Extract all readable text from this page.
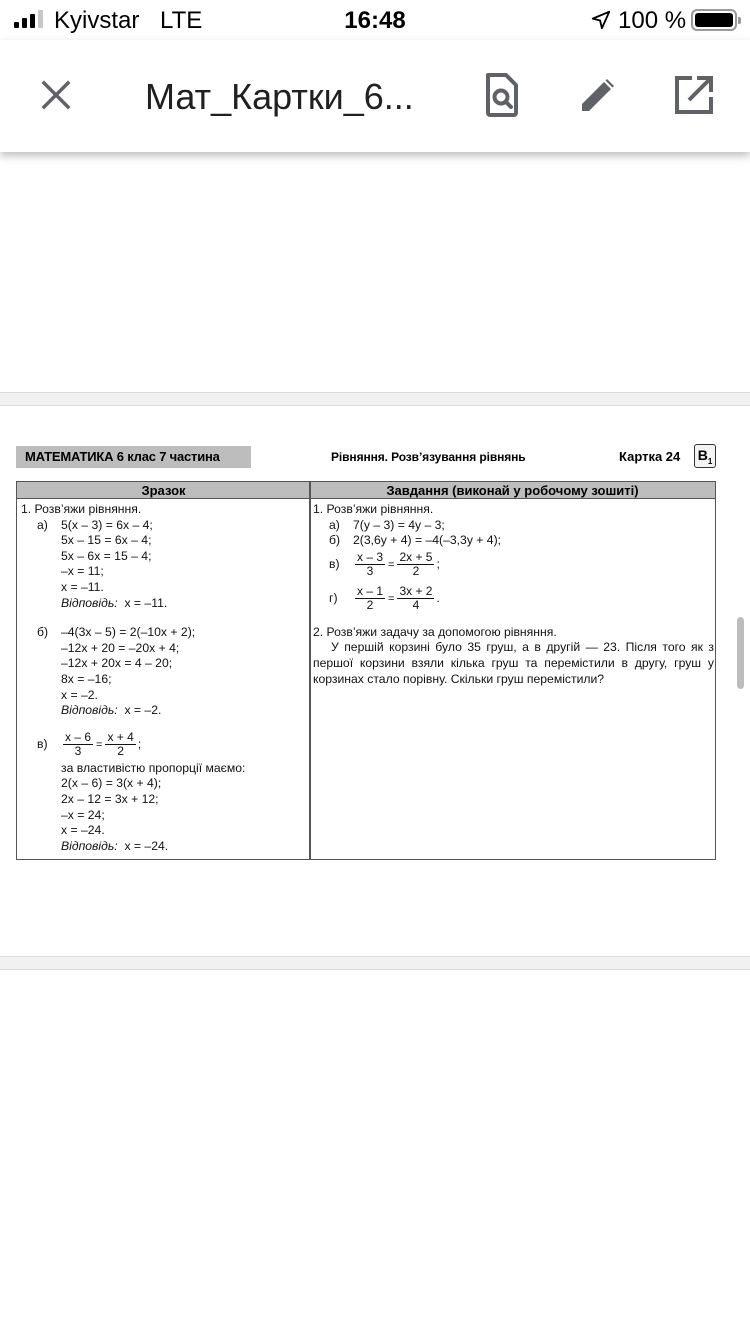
Kyivstar LTE	16:48	100 %
Мат_Картки_6...
МАТЕМАТИКА 6 клас 7 частина	Рівняння. Розв’язування рівнянь	Картка 24 $В_1$
Зразок	Завдання (виконай у робочому зошиті)
1. Розв’яжи рівняння.
а) 5(x – 3) = 6x – 4;
5x – 15 = 6x – 4;
5x – 6x = 15 – 4;
–x = 11;
x = –11.
Відповідь: x = –11.
б) –4(3x – 5) = 2(–10x + 2);
–12x + 20 = –20x + 4;
–12x + 20x = 4 – 20;
8x = –16;
x = –2.
Відповідь: x = –2.
в)	$\frac{x - 6}{3} = \frac{x + 4}{2}$ ;
за властивістю пропорції маємо:
2(x – 6) = 3(x + 4);
2x – 12 = 3x + 12;
–x = 24;
x = –24.
Відповідь: x = –24.
1. Розв’яжи рівняння.
а) 7(y – 3) = 4y – 3;
б) 2(3,6y + 4) = –4(–3,3y + 4);
в)	$\frac{x - 3}{3} = \frac{2x + 5}{2}$ ;
г)	$\frac{x - 1}{2} = \frac{3x + 2}{4}$ .
2. Розв’яжи задачу за допомогою рівняння.
У першій корзині було 35 груш, а в другій — 23. Після того як з першої корзини взяли кілька груш та перемістили в другу, груш у корзинах стало порівну. Скільки груш перемістили?
